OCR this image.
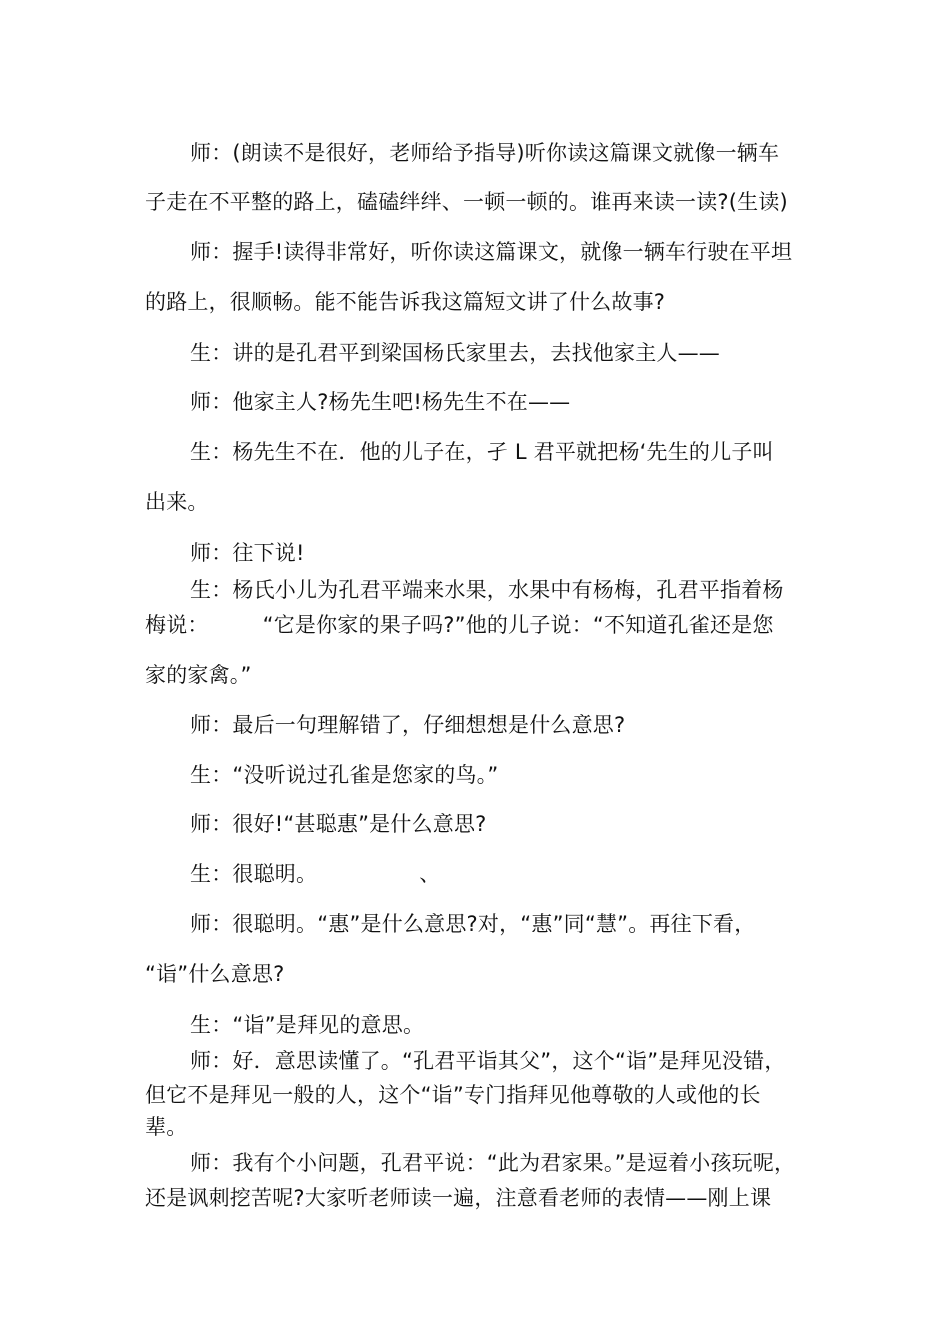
师：(朗读不是很好，老师给予指导)听你读这篇课文就像一辆车
子走在不平整的路上，磕磕绊绊、一顿一顿的。谁再来读一读?(生读)
师：握手!读得非常好，听你读这篇课文，就像一辆车行驶在平坦
的路上，很顺畅。能不能告诉我这篇短文讲了什么故事?
生：讲的是孔君平到梁国杨氏家里去，去找他家主人——
师：他家主人?杨先生吧!杨先生不在——
生：杨先生不在．他的儿子在，孑 L 君平就把杨‘先生的儿子叫
出来。
师：往下说!
生：杨氏小儿为孔君平端来水果，水果中有杨梅，孔君平指着杨
梅说：	“它是你家的果子吗?”他的儿子说：“不知道孔雀还是您
家的家禽。”
师：最后一句理解错了，仔细想想是什么意思?
生：“没听说过孔雀是您家的鸟。”
师：很好!“甚聪惠”是什么意思?
生：很聪明。	、
师：很聪明。“惠”是什么意思?对，“惠”同“慧”。再往下看，
“诣”什么意思?
生：“诣”是拜见的意思。
师：好．意思读懂了。“孔君平诣其父”，这个“诣”是拜见没错，
但它不是拜见一般的人，这个“诣”专门指拜见他尊敬的人或他的长
辈。
师：我有个小问题，孔君平说：“此为君家果。”是逗着小孩玩呢，
还是讽刺挖苦呢?大家听老师读一遍，注意看老师的表情——刚上课
